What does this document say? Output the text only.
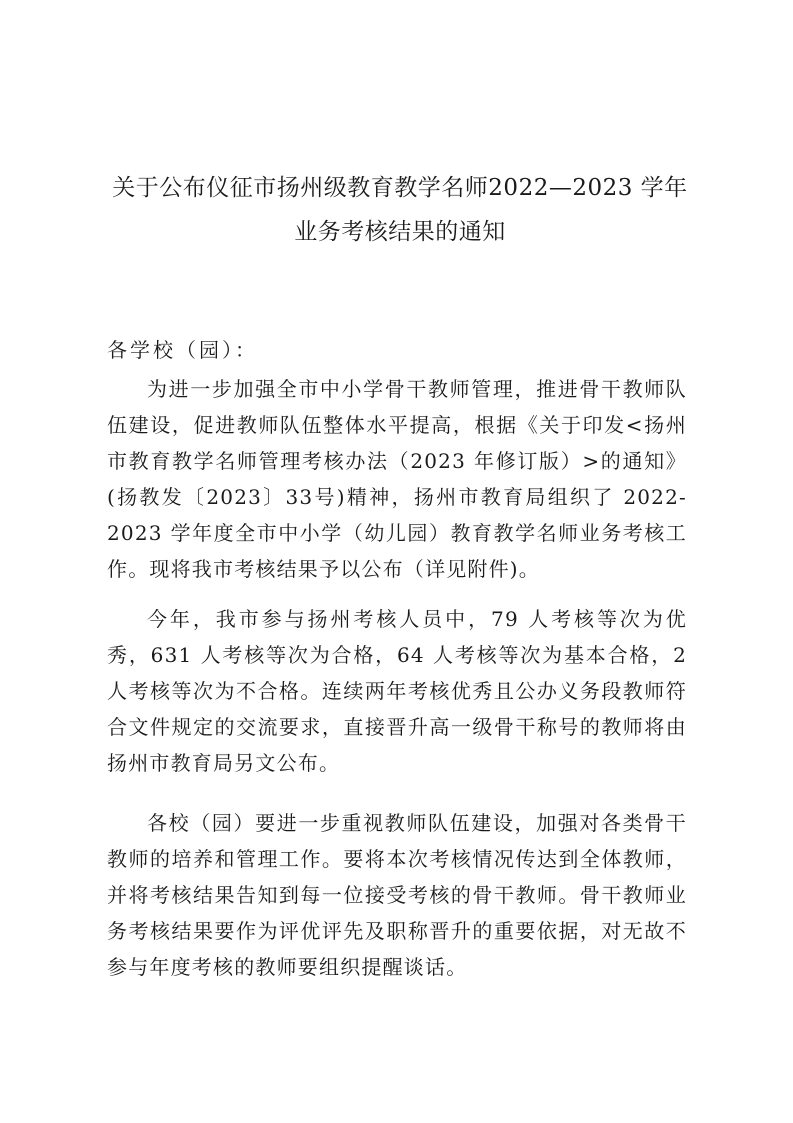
关于公布仪征市扬州级教育教学名师2022—2023 学年
业务考核结果的通知
各学校（园）：

为进一步加强全市中小学骨干教师管理，推进骨干教师队伍建设，促进教师队伍整体水平提高，根据《关于印发<扬州市教育教学名师管理考核办法（2023 年修订版）>的通知》(扬教发〔2023〕33号)精神，扬州市教育局组织了 2022-2023 学年度全市中小学（幼儿园）教育教学名师业务考核工作。现将我市考核结果予以公布（详见附件)。

今年，我市参与扬州考核人员中，79 人考核等次为优秀，631 人考核等次为合格，64 人考核等次为基本合格，2 人考核等次为不合格。连续两年考核优秀且公办义务段教师符合文件规定的交流要求，直接晋升高一级骨干称号的教师将由扬州市教育局另文公布。

各校（园）要进一步重视教师队伍建设，加强对各类骨干教师的培养和管理工作。要将本次考核情况传达到全体教师，并将考核结果告知到每一位接受考核的骨干教师。骨干教师业务考核结果要作为评优评先及职称晋升的重要依据，对无故不参与年度考核的教师要组织提醒谈话。
